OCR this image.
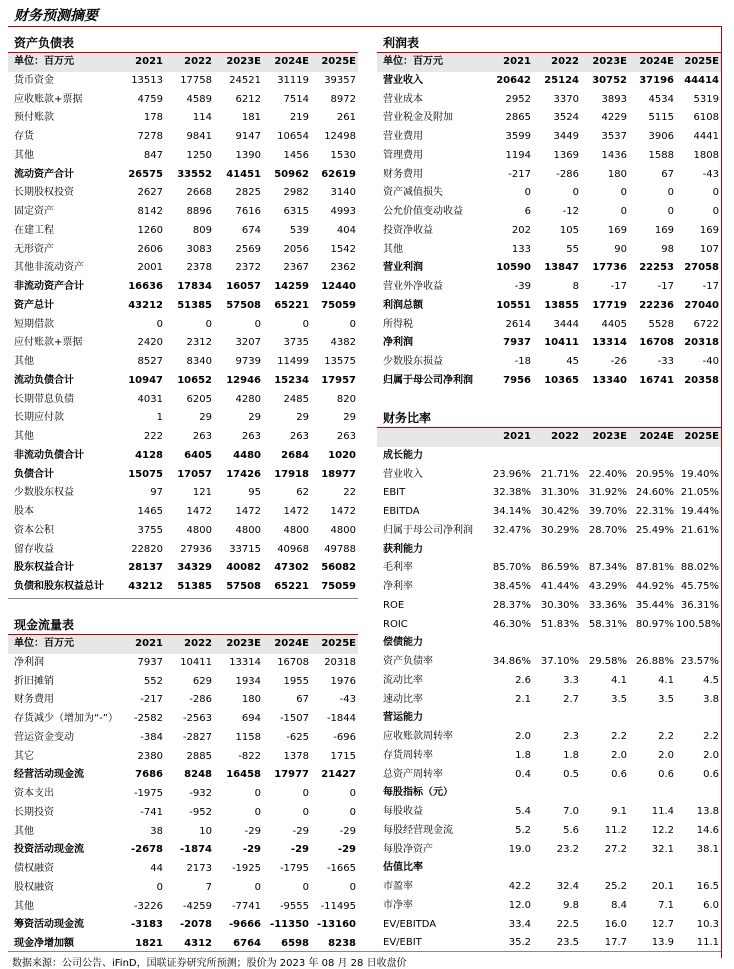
财务预测摘要
资产负债表
单位：百万元	2021	2022	2023E	2024E	2025E
货币资金	13513	17758	24521	31119	39357
应收账款+票据	4759	4589	6212	7514	8972
预付账款	178	114	181	219	261
存货	7278	9841	9147	10654	12498
其他	847	1250	1390	1456	1530
流动资产合计	26575	33552	41451	50962	62619
长期股权投资	2627	2668	2825	2982	3140
固定资产	8142	8896	7616	6315	4993
在建工程	1260	809	674	539	404
无形资产	2606	3083	2569	2056	1542
其他非流动资产	2001	2378	2372	2367	2362
非流动资产合计	16636	17834	16057	14259	12440
资产总计	43212	51385	57508	65221	75059
短期借款	0	0	0	0	0
应付账款+票据	2420	2312	3207	3735	4382
其他	8527	8340	9739	11499	13575
流动负债合计	10947	10652	12946	15234	17957
长期带息负债	4031	6205	4280	2485	820
长期应付款	1	29	29	29	29
其他	222	263	263	263	263
非流动负债合计	4128	6405	4480	2684	1020
负债合计	15075	17057	17426	17918	18977
少数股东权益	97	121	95	62	22
股本	1465	1472	1472	1472	1472
资本公积	3755	4800	4800	4800	4800
留存收益	22820	27936	33715	40968	49788
股东权益合计	28137	34329	40082	47302	56082
负债和股东权益总计	43212	51385	57508	65221	75059
利润表
单位：百万元	2021	2022	2023E	2024E	2025E
营业收入	20642	25124	30752	37196	44414
营业成本	2952	3370	3893	4534	5319
营业税金及附加	2865	3524	4229	5115	6108
营业费用	3599	3449	3537	3906	4441
管理费用	1194	1369	1436	1588	1808
财务费用	-217	-286	180	67	-43
资产减值损失	0	0	0	0	0
公允价值变动收益	6	-12	0	0	0
投资净收益	202	105	169	169	169
其他	133	55	90	98	107
营业利润	10590	13847	17736	22253	27058
营业外净收益	-39	8	-17	-17	-17
利润总额	10551	13855	17719	22236	27040
所得税	2614	3444	4405	5528	6722
净利润	7937	10411	13314	16708	20318
少数股东损益	-18	45	-26	-33	-40
归属于母公司净利润	7956	10365	13340	16741	20358
财务比率
	2021	2022	2023E	2024E	2025E
成长能力					
营业收入	23.96%	21.71%	22.40%	20.95%	19.40%
EBIT	32.38%	31.30%	31.92%	24.60%	21.05%
EBITDA	34.14%	30.42%	39.70%	22.31%	19.44%
归属于母公司净利润	32.47%	30.29%	28.70%	25.49%	21.61%
获利能力					
毛利率	85.70%	86.59%	87.34%	87.81%	88.02%
净利率	38.45%	41.44%	43.29%	44.92%	45.75%
ROE	28.37%	30.30%	33.36%	35.44%	36.31%
ROIC	46.30%	51.83%	58.31%	80.97%	100.58%
偿债能力					
资产负债率	34.86%	37.10%	29.58%	26.88%	23.57%
流动比率	2.6	3.3	4.1	4.1	4.5
速动比率	2.1	2.7	3.5	3.5	3.8
营运能力					
应收账款周转率	2.0	2.3	2.2	2.2	2.2
存货周转率	1.8	1.8	2.0	2.0	2.0
总资产周转率	0.4	0.5	0.6	0.6	0.6
每股指标（元）					
每股收益	5.4	7.0	9.1	11.4	13.8
每股经营现金流	5.2	5.6	11.2	12.2	14.6
每股净资产	19.0	23.2	27.2	32.1	38.1
估值比率					
市盈率	42.2	32.4	25.2	20.1	16.5
市净率	12.0	9.8	8.4	7.1	6.0
EV/EBITDA	33.4	22.5	16.0	12.7	10.3
EV/EBIT	35.2	23.5	17.7	13.9	11.1
现金流量表
单位：百万元	2021	2022	2023E	2024E	2025E
净利润	7937	10411	13314	16708	20318
折旧摊销	552	629	1934	1955	1976
财务费用	-217	-286	180	67	-43
存货减少（增加为“-”）	-2582	-2563	694	-1507	-1844
营运资金变动	-384	-2827	1158	-625	-696
其它	2380	2885	-822	1378	1715
经营活动现金流	7686	8248	16458	17977	21427
资本支出	-1975	-932	0	0	0
长期投资	-741	-952	0	0	0
其他	38	10	-29	-29	-29
投资活动现金流	-2678	-1874	-29	-29	-29
债权融资	44	2173	-1925	-1795	-1665
股权融资	0	7	0	0	0
其他	-3226	-4259	-7741	-9555	-11495
筹资活动现金流	-3183	-2078	-9666	-11350	-13160
现金净增加额	1821	4312	6764	6598	8238
数据来源：公司公告、iFinD，国联证券研究所预测；股价为 2023 年 08 月 28 日收盘价
